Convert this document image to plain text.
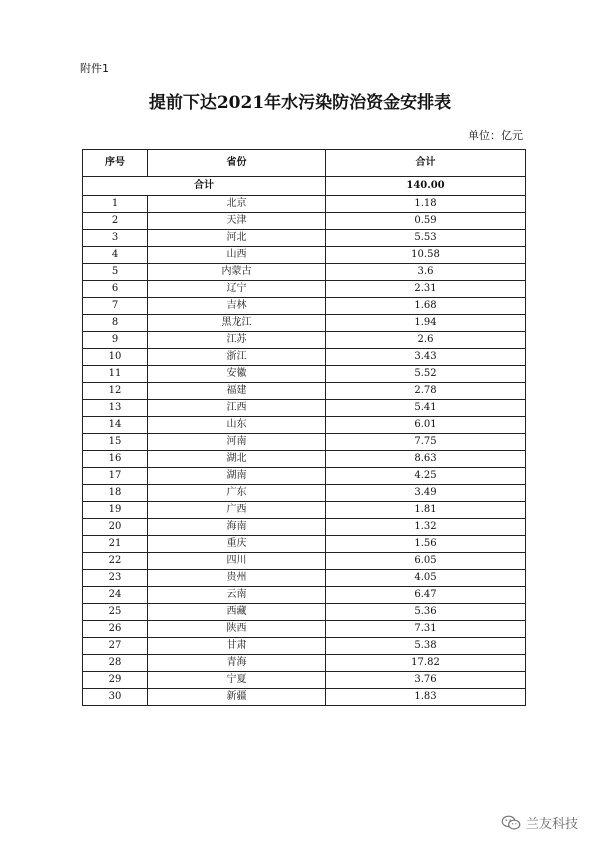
附件1
提前下达2021年水污染防治资金安排表
单位：亿元
序号	省份	合计
合计		140.00
1	北京	1.18
2	天津	0.59
3	河北	5.53
4	山西	10.58
5	内蒙古	3.6
6	辽宁	2.31
7	吉林	1.68
8	黑龙江	1.94
9	江苏	2.6
10	浙江	3.43
11	安徽	5.52
12	福建	2.78
13	江西	5.41
14	山东	6.01
15	河南	7.75
16	湖北	8.63
17	湖南	4.25
18	广东	3.49
19	广西	1.81
20	海南	1.32
21	重庆	1.56
22	四川	6.05
23	贵州	4.05
24	云南	6.47
25	西藏	5.36
26	陕西	7.31
27	甘肃	5.38
28	青海	17.82
29	宁夏	3.76
30	新疆	1.83
兰友科技
